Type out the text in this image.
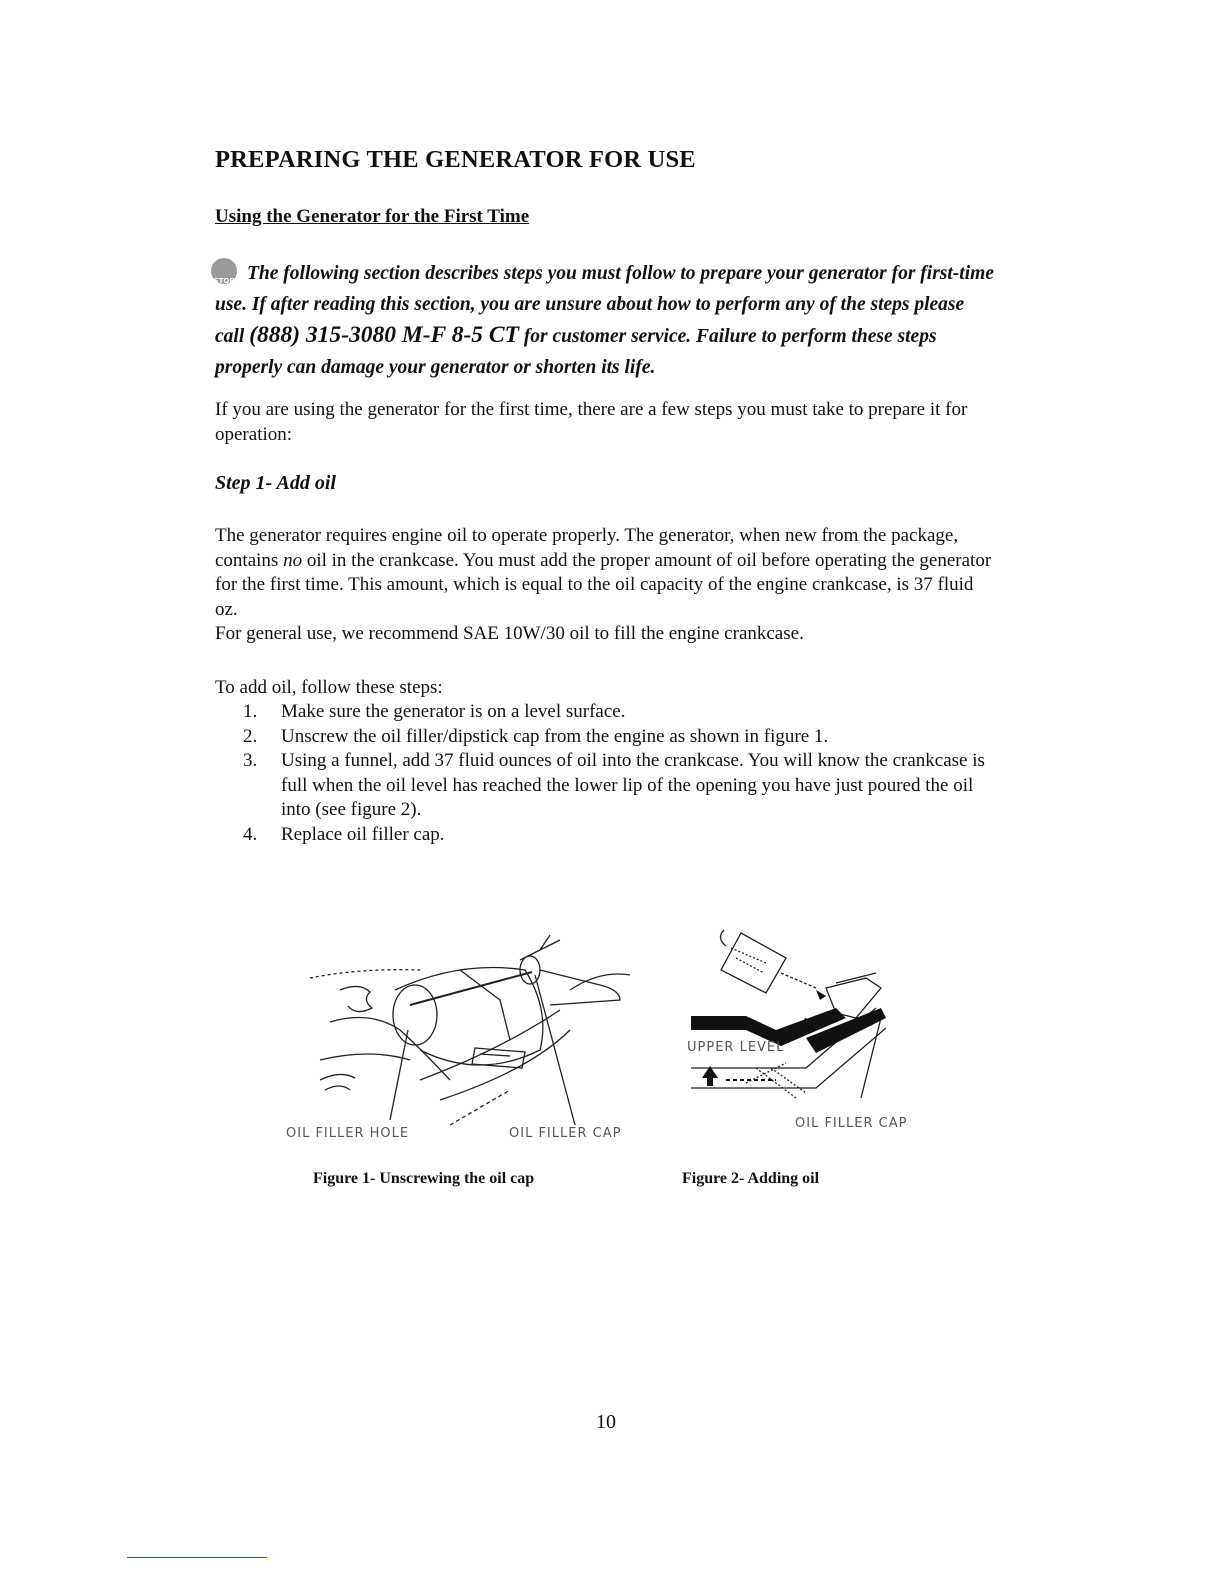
PREPARING THE GENERATOR FOR USE
Using the Generator for the First Time
STOP The following section describes steps you must follow to prepare your generator for first-time use. If after reading this section, you are unsure about how to perform any of the steps please call (888) 315-3080 M-F 8-5 CT for customer service. Failure to perform these steps properly can damage your generator or shorten its life.

If you are using the generator for the first time, there are a few steps you must take to prepare it for operation:

Step 1- Add oil

The generator requires engine oil to operate properly. The generator, when new from the package, contains no oil in the crankcase. You must add the proper amount of oil before operating the generator for the first time. This amount, which is equal to the oil capacity of the engine crankcase, is 37 fluid oz.
For general use, we recommend SAE 10W/30 oil to fill the engine crankcase.

To add oil, follow these steps:

1. Make sure the generator is on a level surface.
2. Unscrew the oil filler/dipstick cap from the engine as shown in figure 1.
3. Using a funnel, add 37 fluid ounces of oil into the crankcase. You will know the crankcase is full when the oil level has reached the lower lip of the opening you have just poured the oil into (see figure 2).
4. Replace oil filler cap.
OIL FILLER HOLE	OIL FILLER CAP
Figure 1- Unscrewing the oil cap
UPPER LEVEL
OIL FILLER CAP
Figure 2- Adding oil
10
